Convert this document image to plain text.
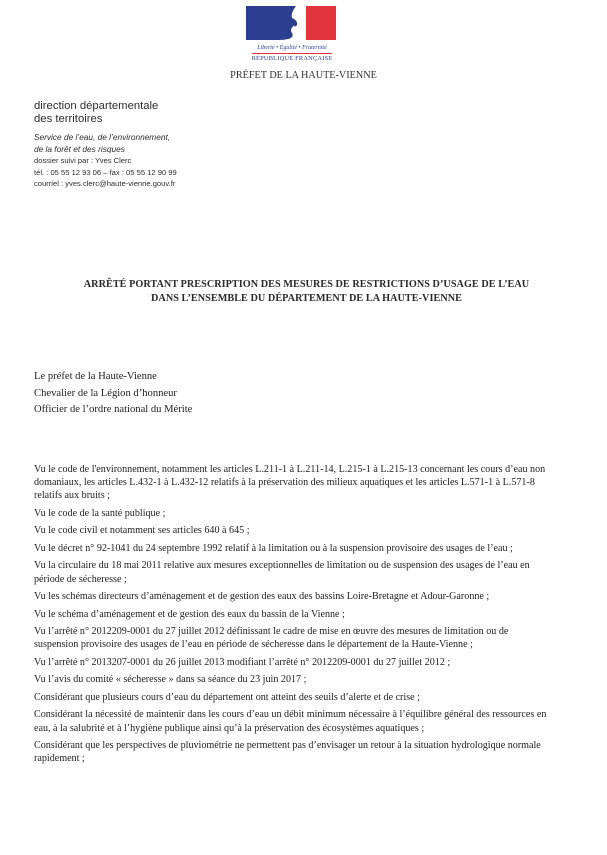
Liberté • Égalité • Fraternité
RÉPUBLIQUE FRANÇAISE
PRÉFET DE LA HAUTE-VIENNE
direction départementale
des territoires
Service de l’eau, de l’environnement,
de la forêt et des risques
dossier suivi par : Yves Clerc
tél. : 05 55 12 93 06 – fax : 05 55 12 90 99
courriel : yves.clerc@haute-vienne.gouv.fr
ARRÊTÉ PORTANT PRESCRIPTION DES MESURES DE RESTRICTIONS D’USAGE DE L’EAU
DANS L’ENSEMBLE DU DÉPARTEMENT DE LA HAUTE-VIENNE
Le préfet de la Haute-Vienne
Chevalier de la Légion d’honneur
Officier de l’ordre national du Mérite

Vu le code de l'environnement, notamment les articles L.211-1 à L.211-14, L.215-1 à L.215-13 concernant les cours d’eau non domaniaux, les articles L.432-1 à L.432-12 relatifs à la préservation des milieux aquatiques et les articles L.571-1 à L.571-8 relatifs aux bruits ;

Vu le code de la santé publique ;

Vu le code civil et notamment ses articles 640 à 645 ;

Vu le décret n° 92-1041 du 24 septembre 1992 relatif à la limitation ou à la suspension provisoire des usages de l’eau ;

Vu la circulaire du 18 mai 2011 relative aux mesures exceptionnelles de limitation ou de suspension des usages de l’eau en période de sécheresse ;

Vu les schémas directeurs d’aménagement et de gestion des eaux des bassins Loire-Bretagne et Adour-Garonne ;

Vu le schéma d’aménagement et de gestion des eaux du bassin de la Vienne ;

Vu l’arrêté n° 2012209-0001 du 27 juillet 2012 définissant le cadre de mise en œuvre des mesures de limitation ou de suspension provisoire des usages de l’eau en période de sécheresse dans le département de la Haute-Vienne ;

Vu l’arrêté n° 2013207-0001 du 26 juillet 2013 modifiant l’arrêté n° 2012209-0001 du 27 juillet 2012 ;

Vu l’avis du comité « sécheresse » dans sa séance du 23 juin 2017 ;

Considérant que plusieurs cours d’eau du département ont atteint des seuils d’alerte et de crise ;

Considérant la nécessité de maintenir dans les cours d’eau un débit minimum nécessaire à l’équilibre général des ressources en eau, à la salubrité et à l’hygiène publique ainsi qu’à la préservation des écosystèmes aquatiques ;

Considérant que les perspectives de pluviométrie ne permettent pas d’envisager un retour à la situation hydrologique normale rapidement ;
